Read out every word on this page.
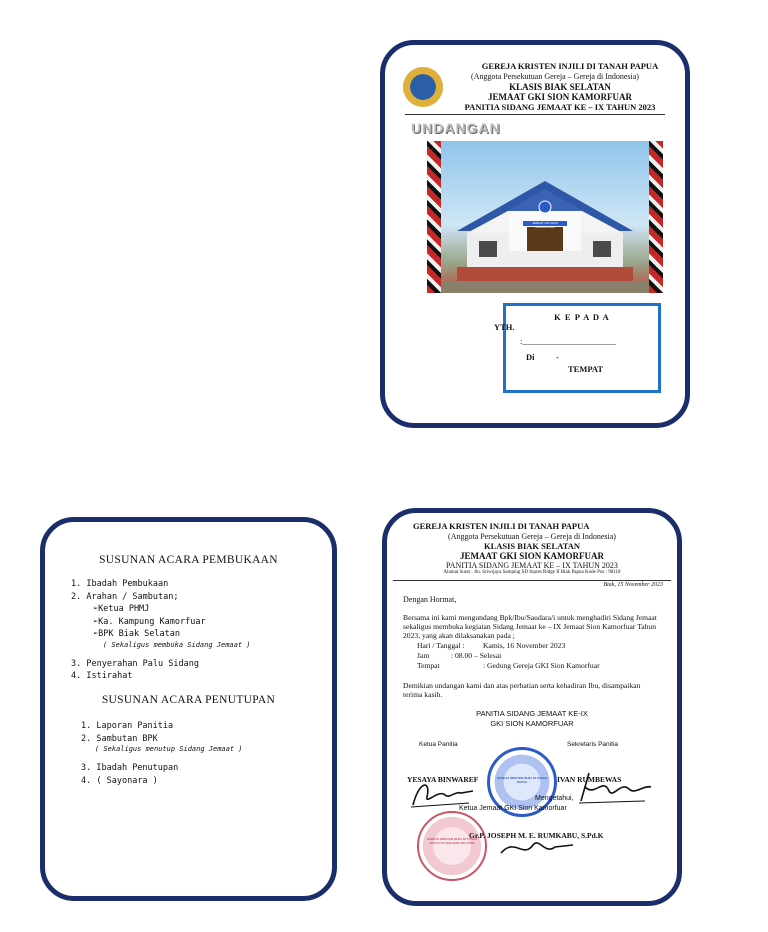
GEREJA KRISTEN INJILI DI TANAH PAPUA
(Anggota Persekutuan Gereja – Gereja di Indonesia)
KLASIS BIAK SELATAN
JEMAAT GKI SION KAMORFUAR
PANITIA SIDANG JEMAAT KE – IX TAHUN 2023
UNDANGAN
JEMAAT GKI SION KAMORFUAR
K E P A D A
YTH.
:______________________
Di	-
TEMPAT
SUSUNAN ACARA PEMBUKAAN
1. Ibadah Pembukaan
2. Arahan / Sambutan;
➢Ketua PHMJ
➢Ka. Kampung Kamorfuar
➢BPK Biak Selatan
( Sekaligus membuka Sidang Jemaat )
3. Penyerahan Palu Sidang
4. Istirahat
SUSUNAN ACARA PENUTUPAN
1. Laporan Panitia
2. Sambutan BPK
( Sekaligus menutup Sidang Jemaat )
3. Ibadah Penutupan
4. ( Sayonara )
GEREJA KRISTEN INJILI DI TANAH PAPUA
(Anggota Persekutuan Gereja – Gereja di Indonesia)
KLASIS BIAK SELATAN
JEMAAT GKI SION KAMORFUAR
PANITIA SIDANG JEMAAT KE – IX TAHUN 2023
Alamat Surat : Jln. Sriwijaya Samping SD Inpres Ridge II Biak Papua Kode Pos : 98118
Biak, 15 November 2023
Dengan Hormat,
Bersama ini kami mengundang Bpk/Ibu/Saudara/i untuk menghadiri Sidang Jemaat sekaligus membuka kegiatan Sidang Jemaat ke – IX Jemaat Sion Kamorfuar Tahun 2023, yang akan dilaksanakan pada ;
Hari / Tanggal : Kamis, 16 November 2023
Jam	: 08.00 – Selesai
Tempat	: Gedung Gereja GKI Sion Kamorfuar
Demikian undangan kami dan atas perhatian serta kehadiran Ibu, disampaikan terima kasih.
PANITIA SIDANG JEMAAT KE-IX
GKI SION KAMORFUAR
Ketua Panitia	Sekretaris Panitia
GEREJA KRISTEN INJILI DI TANAH PAPUA
YESAYA BINWAREF	IVAN RUMBEWAS
Mengetahui,
Ketua Jemaat GKI Sion Kamorfuar
GEREJA KRISTEN INJILI DI TANAH PAPUA KLASIS BIAK SELATAN
Gr.P. JOSEPH M. E. RUMKABU, S.Pd.K
